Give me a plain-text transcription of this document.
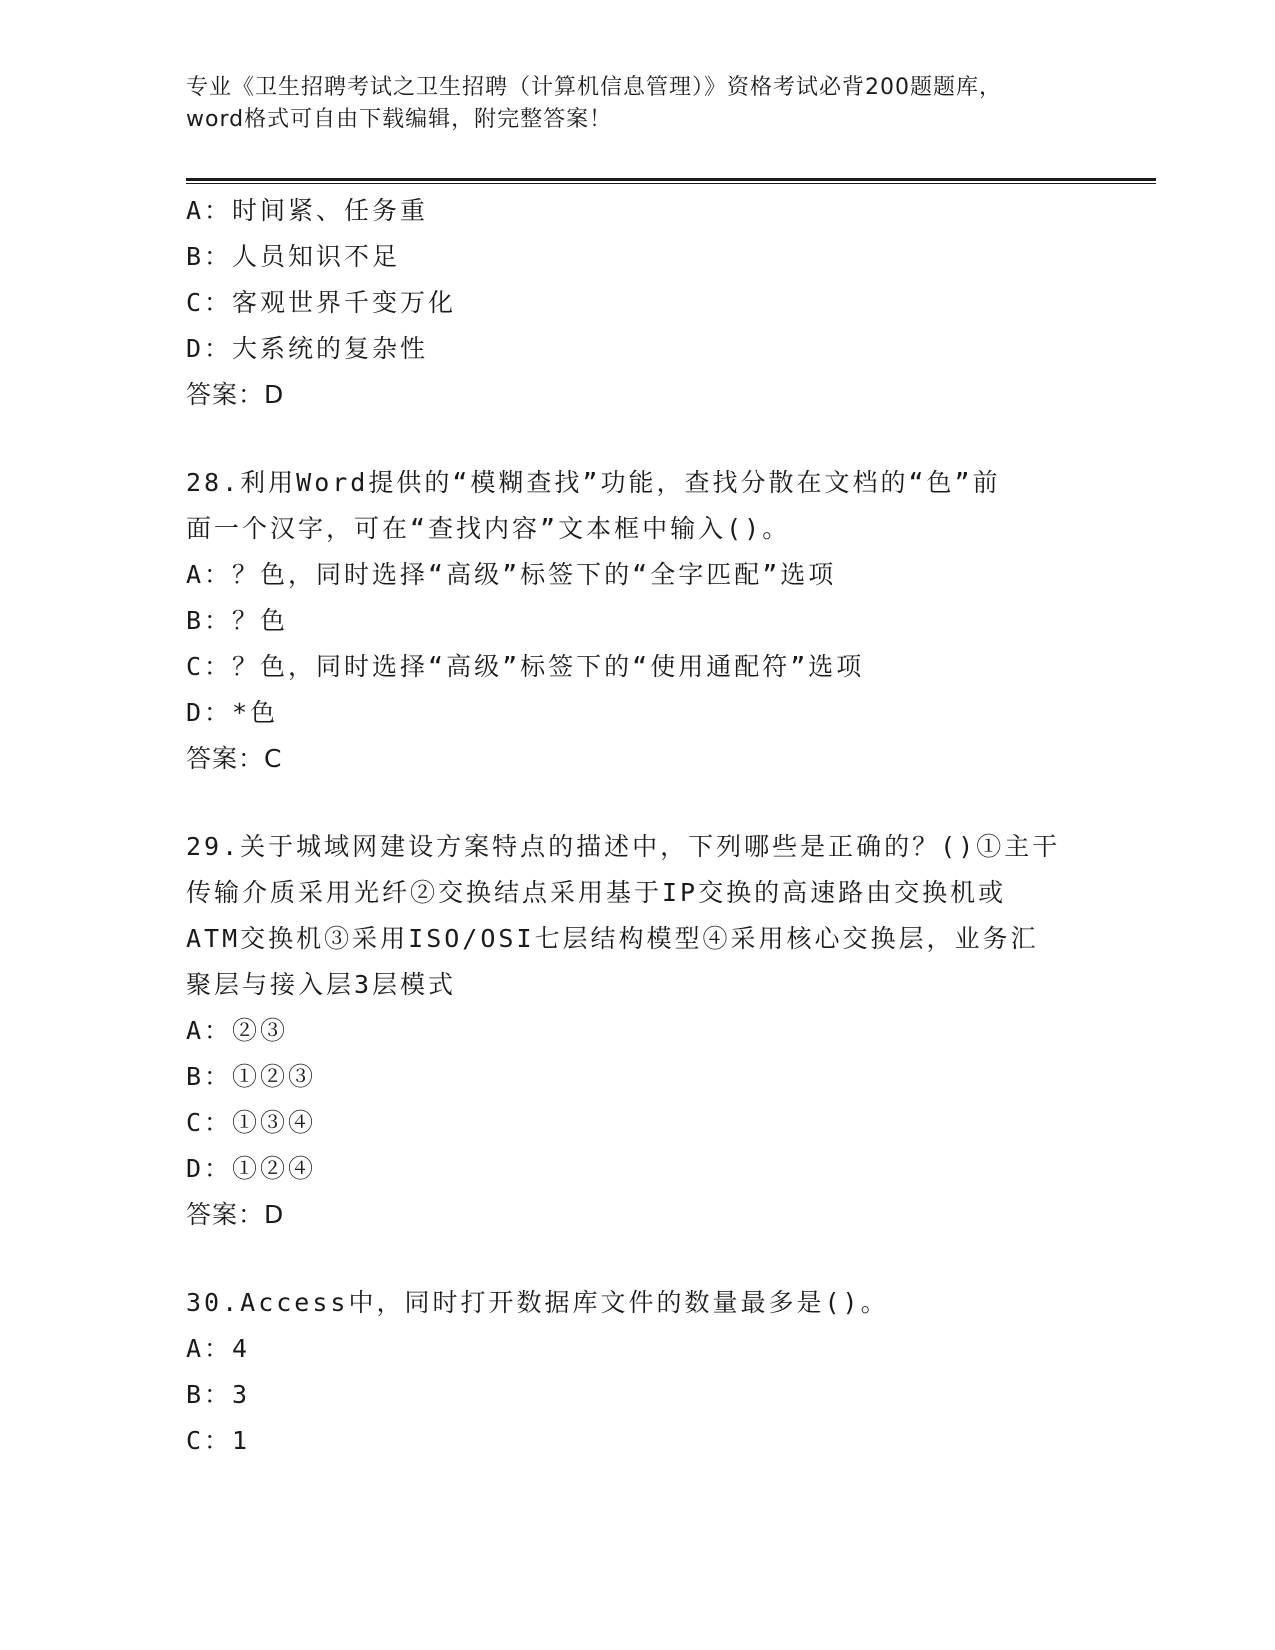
专业《卫生招聘考试之卫生招聘（计算机信息管理）》资格考试必背200题题库，
word格式可自由下载编辑，附完整答案！
A：时间紧、任务重
B：人员知识不足
C：客观世界千变万化
D：大系统的复杂性
答案：D
28.利用Word提供的“模糊查找”功能，查找分散在文档的“色”前
面一个汉字，可在“查找内容”文本框中输入()。
A：？色，同时选择“高级”标签下的“全字匹配”选项
B：？色
C：？色，同时选择“高级”标签下的“使用通配符”选项
D：*色
答案：C
29.关于城域网建设方案特点的描述中，下列哪些是正确的？()①主干
传输介质采用光纤②交换结点采用基于IP交换的高速路由交换机或
ATM交换机③采用ISO/OSI七层结构模型④采用核心交换层，业务汇
聚层与接入层3层模式
A：②③
B：①②③
C：①③④
D：①②④
答案：D
30.Access中，同时打开数据库文件的数量最多是()。
A：4
B：3
C：1
